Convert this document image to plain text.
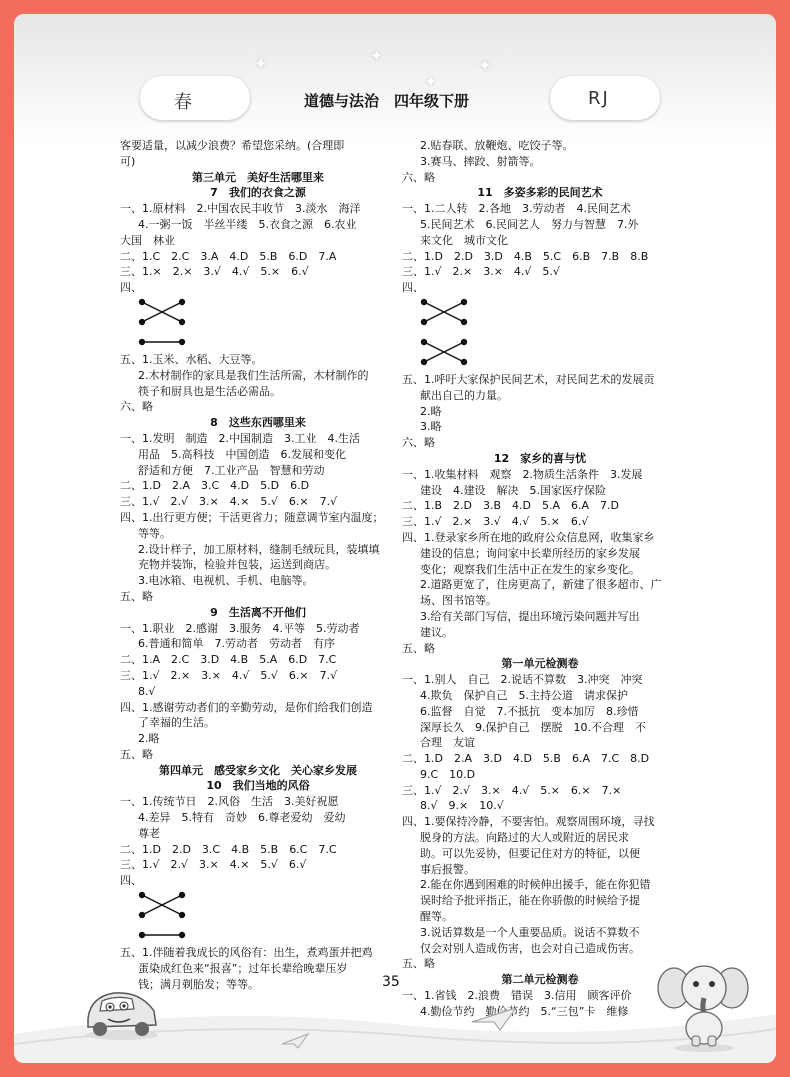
✦	✦
✦
✦
春	道德与法治　四年级下册	RJ
客要适量，以减少浪费？希望您采纳。(合理即
可)
第三单元　美好生活哪里来
7　我们的衣食之源
一、1.原材料　2.中国农民丰收节　3.淡水　海洋
4.一粥一饭　半丝半缕　5.衣食之源　6.农业
大国　林业
二、1.C　2.C　3.A　4.D　5.B　6.D　7.A
三、1.×　2.×　3.√　4.√　5.×　6.√
四、
五、1.玉米、水稻、大豆等。
2.木材制作的家具是我们生活所需，木材制作的
筷子和厨具也是生活必需品。
六、略
8　这些东西哪里来
一、1.发明　制造　2.中国制造　3.工业　4.生活
用品　5.高科技　中国创造　6.发展和变化
舒适和方便　7.工业产品　智慧和劳动
二、1.D　2.A　3.C　4.D　5.D　6.D
三、1.√　2.√　3.×　4.×　5.√　6.×　7.√
四、1.出行更方便；干活更省力；随意调节室内温度；
等等。
2.设计样子，加工原材料，缝制毛绒玩具，装填填
充物并装饰，检验并包装，运送到商店。
3.电冰箱、电视机、手机、电脑等。
五、略
9　生活离不开他们
一、1.职业　2.感谢　3.服务　4.平等　5.劳动者
6.普通和简单　7.劳动者　劳动者　有序
二、1.A　2.C　3.D　4.B　5.A　6.D　7.C
三、1.√　2.×　3.×　4.√　5.√　6.×　7.√
8.√
四、1.感谢劳动者们的辛勤劳动，是你们给我们创造
了幸福的生活。
2.略
五、略
第四单元　感受家乡文化　关心家乡发展
10　我们当地的风俗
一、1.传统节日　2.风俗　生活　3.美好祝愿
4.差异　5.特有　奇妙　6.尊老爱幼　爱幼
尊老
二、1.D　2.D　3.C　4.B　5.B　6.C　7.C
三、1.√　2.√　3.×　4.×　5.√　6.√
四、
五、1.伴随着我成长的风俗有：出生，煮鸡蛋并把鸡
蛋染成红色来“报喜”；过年长辈给晚辈压岁
钱；满月剃胎发；等等。
2.贴春联、放鞭炮、吃饺子等。
3.赛马、摔跤、射箭等。
六、略
11　多姿多彩的民间艺术
一、1.二人转　2.各地　3.劳动者　4.民间艺术
5.民间艺术　6.民间艺人　努力与智慧　7.外
来文化　城市文化
二、1.D　2.D　3.D　4.B　5.C　6.B　7.B　8.B
三、1.√　2.×　3.×　4.√　5.√
四、
五、1.呼吁大家保护民间艺术，对民间艺术的发展贡
献出自己的力量。
2.略
3.略
六、略
12　家乡的喜与忧
一、1.收集材料　观察　2.物质生活条件　3.发展
建设　4.建设　解决　5.国家医疗保险
二、1.B　2.D　3.B　4.D　5.A　6.A　7.D
三、1.√　2.×　3.√　4.√　5.×　6.√
四、1.登录家乡所在地的政府公众信息网，收集家乡
建设的信息；询问家中长辈所经历的家乡发展
变化；观察我们生活中正在发生的家乡变化。
2.道路更宽了，住房更高了，新建了很多超市、广
场、图书馆等。
3.给有关部门写信，提出环境污染问题并写出
建议。
五、略
第一单元检测卷
一、1.别人　自己　2.说话不算数　3.冲突　冲突
4.欺负　保护自己　5.主持公道　请求保护
6.监督　自觉　7.不抵抗　变本加厉　8.珍惜
深厚长久　9.保护自己　摆脱　10.不合理　不
合理　友谊
二、1.D　2.A　3.D　4.D　5.B　6.A　7.C　8.D
9.C　10.D
三、1.√　2.√　3.×　4.√　5.×　6.×　7.×
8.√　9.×　10.√
四、1.要保持冷静，不要害怕。观察周围环境，寻找
脱身的方法。向路过的大人或附近的居民求
助。可以先妥协，但要记住对方的特征，以便
事后报警。
2.能在你遇到困难的时候伸出援手，能在你犯错
误时给予批评指正，能在你骄傲的时候给予提
醒等。
3.说话算数是一个人重要品质。说话不算数不
仅会对别人造成伤害，也会对自己造成伤害。
五、略
第二单元检测卷
一、1.省钱　2.浪费　错误　3.信用　顾客评价
4.勤俭节约　勤俭节约　5.“三包”卡　维修
35
